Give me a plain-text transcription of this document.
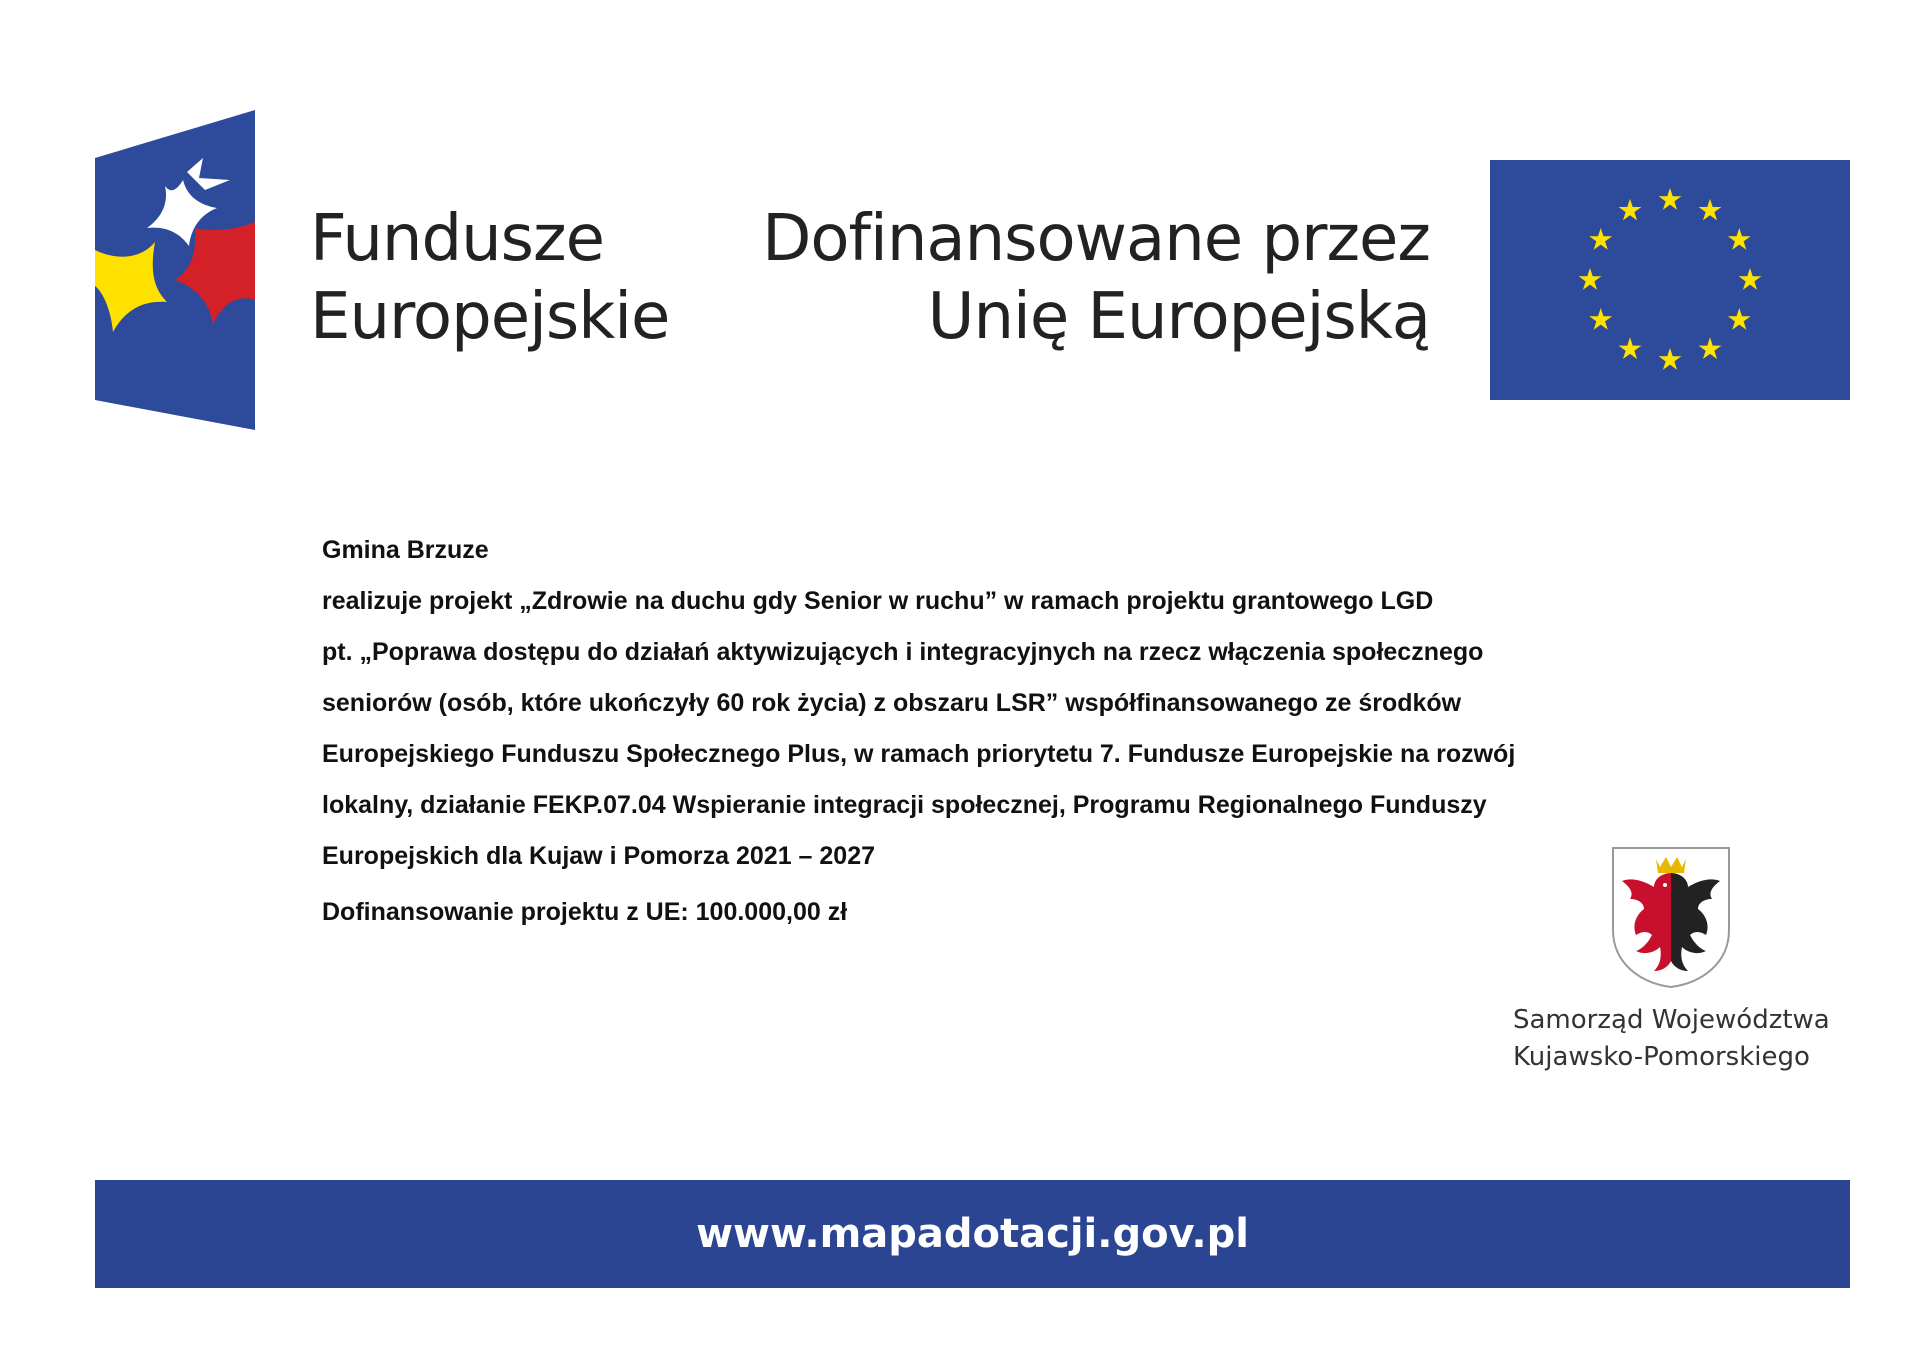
Fundusze
Europejskie
Dofinansowane przez
Unię Europejską

Gmina Brzuze

realizuje projekt „Zdrowie na duchu gdy Senior w ruchu” w ramach projektu grantowego LGD

pt. „Poprawa dostępu do działań aktywizujących i integracyjnych na rzecz włączenia społecznego

seniorów (osób, które ukończyły 60 rok życia) z obszaru LSR” współfinansowanego ze środków

Europejskiego Funduszu Społecznego Plus, w ramach priorytetu 7. Fundusze Europejskie na rozwój

lokalny, działanie FEKP.07.04 Wspieranie integracji społecznej, Programu Regionalnego Funduszy

Europejskich dla Kujaw i Pomorza 2021 – 2027

Dofinansowanie projektu z UE: 100.000,00 zł
Samorząd Województwa
Kujawsko-Pomorskiego
www.mapadotacji.gov.pl
